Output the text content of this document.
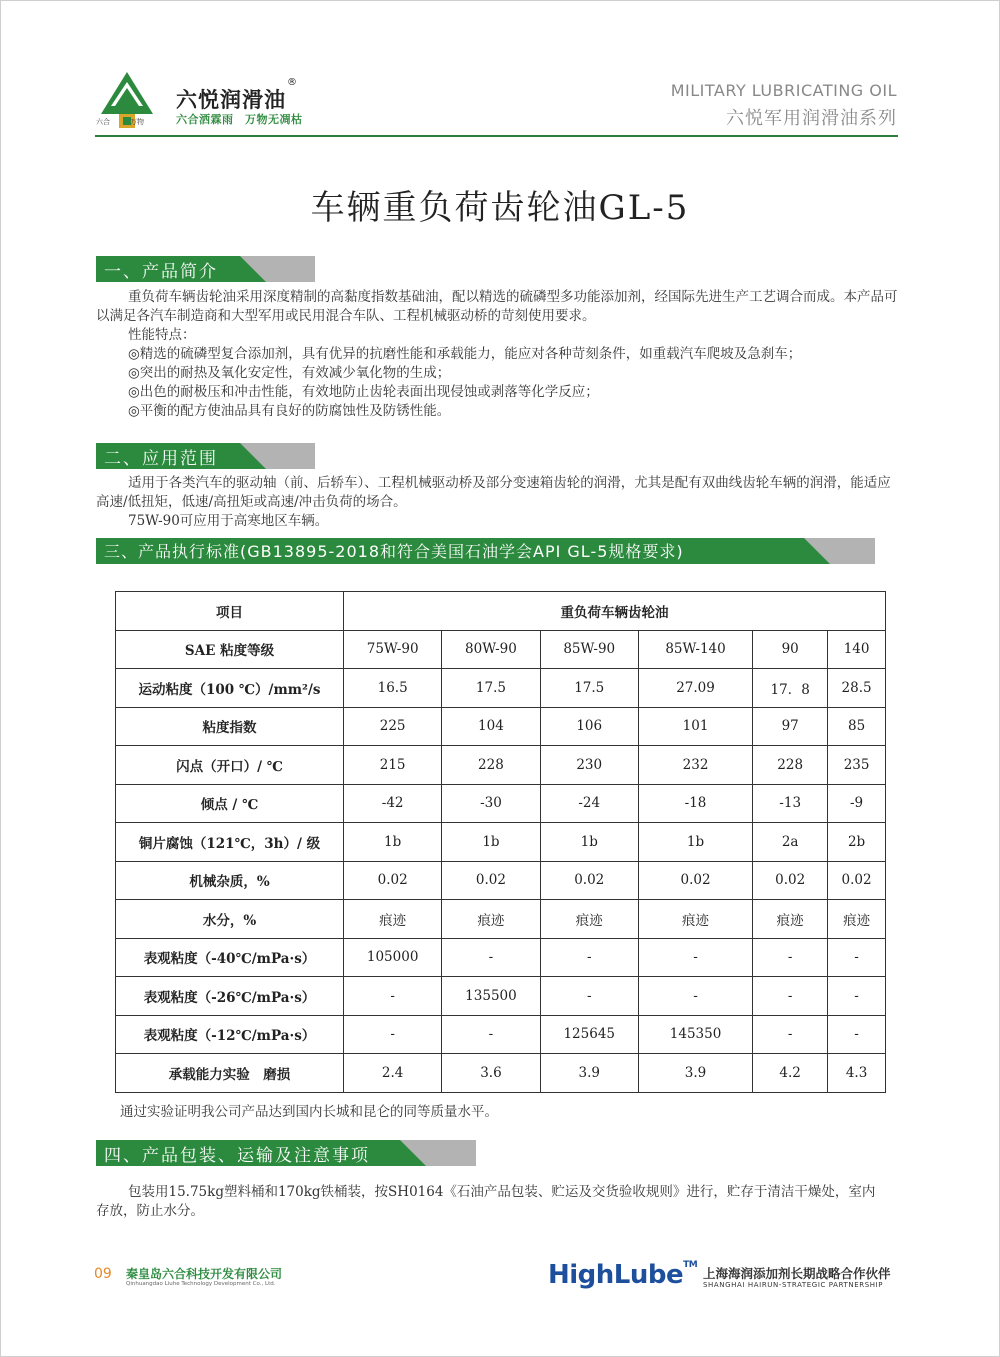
六合	万物
六悦润滑油
®
六合洒霖雨　万物无凋枯
MILITARY LUBRICATING OIL
六悦军用润滑油系列
车辆重负荷齿轮油GL-5
一、产品简介

重负荷车辆齿轮油采用深度精制的高黏度指数基础油，配以精选的硫磷型多功能添加剂，经国际先进生产工艺调合而成。本产品可以满足各汽车制造商和大型军用或民用混合车队、工程机械驱动桥的苛刻使用要求。

性能特点：

◎精选的硫磷型复合添加剂，具有优异的抗磨性能和承载能力，能应对各种苛刻条件，如重载汽车爬坡及急刹车；

◎突出的耐热及氧化安定性，有效减少氧化物的生成；

◎出色的耐极压和冲击性能，有效地防止齿轮表面出现侵蚀或剥落等化学反应；

◎平衡的配方使油品具有良好的防腐蚀性及防锈性能。

二、应用范围

适用于各类汽车的驱动轴（前、后轿车）、工程机械驱动桥及部分变速箱齿轮的润滑，尤其是配有双曲线齿轮车辆的润滑，能适应高速/低扭矩，低速/高扭矩或高速/冲击负荷的场合。

75W-90可应用于高寒地区车辆。

三、产品执行标准(GB13895-2018和符合美国石油学会API GL-5规格要求)
项目	重负荷车辆齿轮油					
SAE 粘度等级	75W-90	80W-90	85W-90	85W-140	90	140
运动粘度（100 ℃）/mm²/s	16.5	17.5	17.5	27.09	17．8	28.5
粘度指数	225	104	106	101	97	85
闪点（开口）/ ℃	215	228	230	232	228	235
倾点 / ℃	-42	-30	-24	-18	-13	-9
铜片腐蚀（121℃，3h）/ 级	1b	1b	1b	1b	2a	2b
机械杂质，%	0.02	0.02	0.02	0.02	0.02	0.02
水分，%	痕迹	痕迹	痕迹	痕迹	痕迹	痕迹
表观粘度（-40℃/mPa·s）	105000	-	-	-	-	-
表观粘度（-26℃/mPa·s）	-	135500	-	-	-	-
表观粘度（-12℃/mPa·s）	-	-	125645	145350	-	-
承载能力实验　磨损	2.4	3.6	3.9	3.9	4.2	4.3

通过实验证明我公司产品达到国内长城和昆仑的同等质量水平。

四、产品包装、运输及注意事项

包装用15.75kg塑料桶和170kg铁桶装，按SH0164《石油产品包装、贮运及交货验收规则》进行，贮存于清洁干燥处，室内存放，防止水分。

09 秦皇岛六合科技开发有限公司
Qinhuangdao Liuhe Technology Development Co., Ltd.	HighLube™
上海海润添加剂长期战略合作伙伴
SHANGHAI HAIRUN-STRATEGIC PARTNERSHIP
